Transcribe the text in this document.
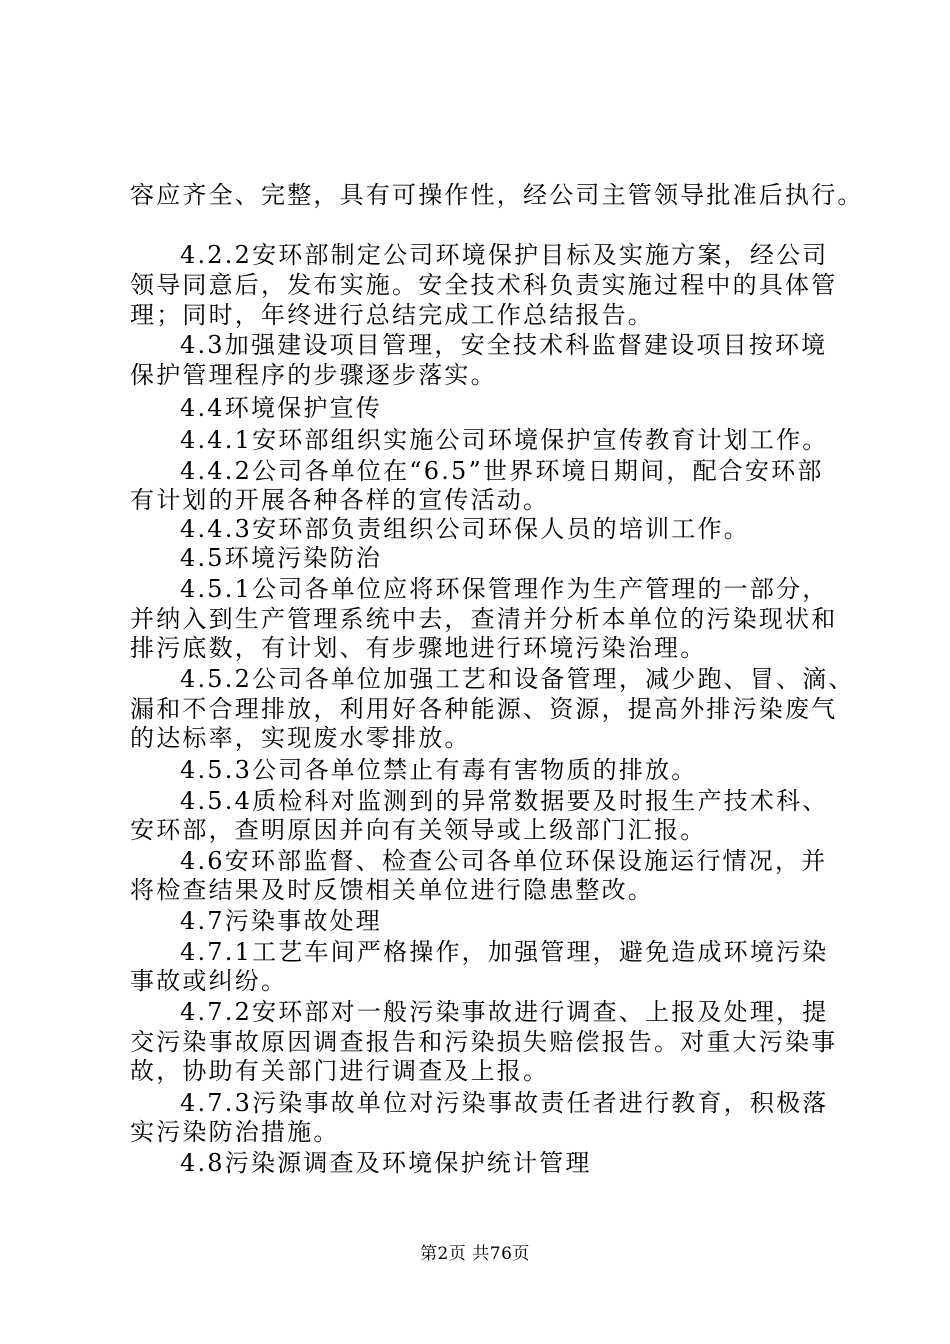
容应齐全、完整，具有可操作性，经公司主管领导批准后执行。
4.2.2安环部制定公司环境保护目标及实施方案，经公司
领导同意后，发布实施。安全技术科负责实施过程中的具体管
理；同时，年终进行总结完成工作总结报告。
4.3加强建设项目管理，安全技术科监督建设项目按环境
保护管理程序的步骤逐步落实。
4.4环境保护宣传
4.4.1安环部组织实施公司环境保护宣传教育计划工作。
4.4.2公司各单位在“6.5”世界环境日期间，配合安环部
有计划的开展各种各样的宣传活动。
4.4.3安环部负责组织公司环保人员的培训工作。
4.5环境污染防治
4.5.1公司各单位应将环保管理作为生产管理的一部分，
并纳入到生产管理系统中去，查清并分析本单位的污染现状和
排污底数，有计划、有步骤地进行环境污染治理。
4.5.2公司各单位加强工艺和设备管理，减少跑、冒、滴、
漏和不合理排放，利用好各种能源、资源，提高外排污染废气
的达标率，实现废水零排放。
4.5.3公司各单位禁止有毒有害物质的排放。
4.5.4质检科对监测到的异常数据要及时报生产技术科、
安环部，查明原因并向有关领导或上级部门汇报。
4.6安环部监督、检查公司各单位环保设施运行情况，并
将检查结果及时反馈相关单位进行隐患整改。
4.7污染事故处理
4.7.1工艺车间严格操作，加强管理，避免造成环境污染
事故或纠纷。
4.7.2安环部对一般污染事故进行调查、上报及处理，提
交污染事故原因调查报告和污染损失赔偿报告。对重大污染事
故，协助有关部门进行调查及上报。
4.7.3污染事故单位对污染事故责任者进行教育，积极落
实污染防治措施。
4.8污染源调查及环境保护统计管理
第2页 共76页
